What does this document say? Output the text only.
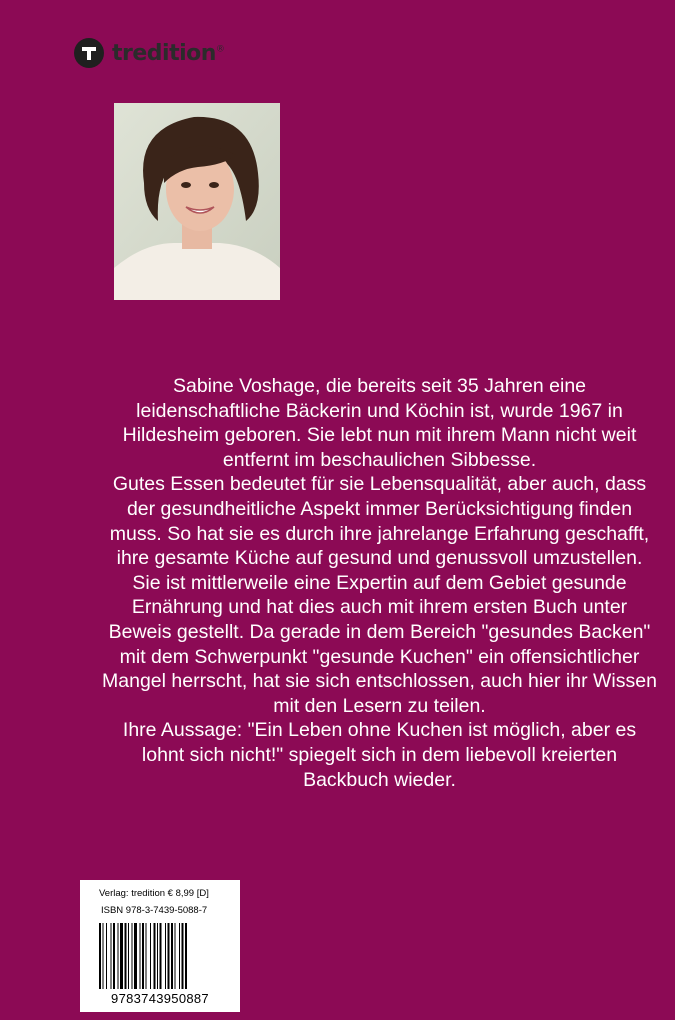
tredition®

Sabine Voshage, die bereits seit 35 Jahren eine leidenschaftliche Bäckerin und Köchin ist, wurde 1967 in Hildesheim geboren. Sie lebt nun mit ihrem Mann nicht weit entfernt im beschaulichen Sibbesse.

Gutes Essen bedeutet für sie Lebensqualität, aber auch, dass der gesundheitliche Aspekt immer Berücksichtigung finden muss. So hat sie es durch ihre jahrelange Erfahrung geschafft, ihre gesamte Küche auf gesund und genussvoll umzustellen.

Sie ist mittlerweile eine Expertin auf dem Gebiet gesunde Ernährung und hat dies auch mit ihrem ersten Buch unter Beweis gestellt. Da gerade in dem Bereich "gesundes Backen" mit dem Schwerpunkt "gesunde Kuchen" ein offensichtlicher Mangel herrscht, hat sie sich entschlossen, auch hier ihr Wissen mit den Lesern zu teilen.

Ihre Aussage: "Ein Leben ohne Kuchen ist möglich, aber es lohnt sich nicht!" spiegelt sich in dem liebevoll kreierten Backbuch wieder.

Verlag: tredition € 8,99 [D]
ISBN 978-3-7439-5088-7
9783743950887
